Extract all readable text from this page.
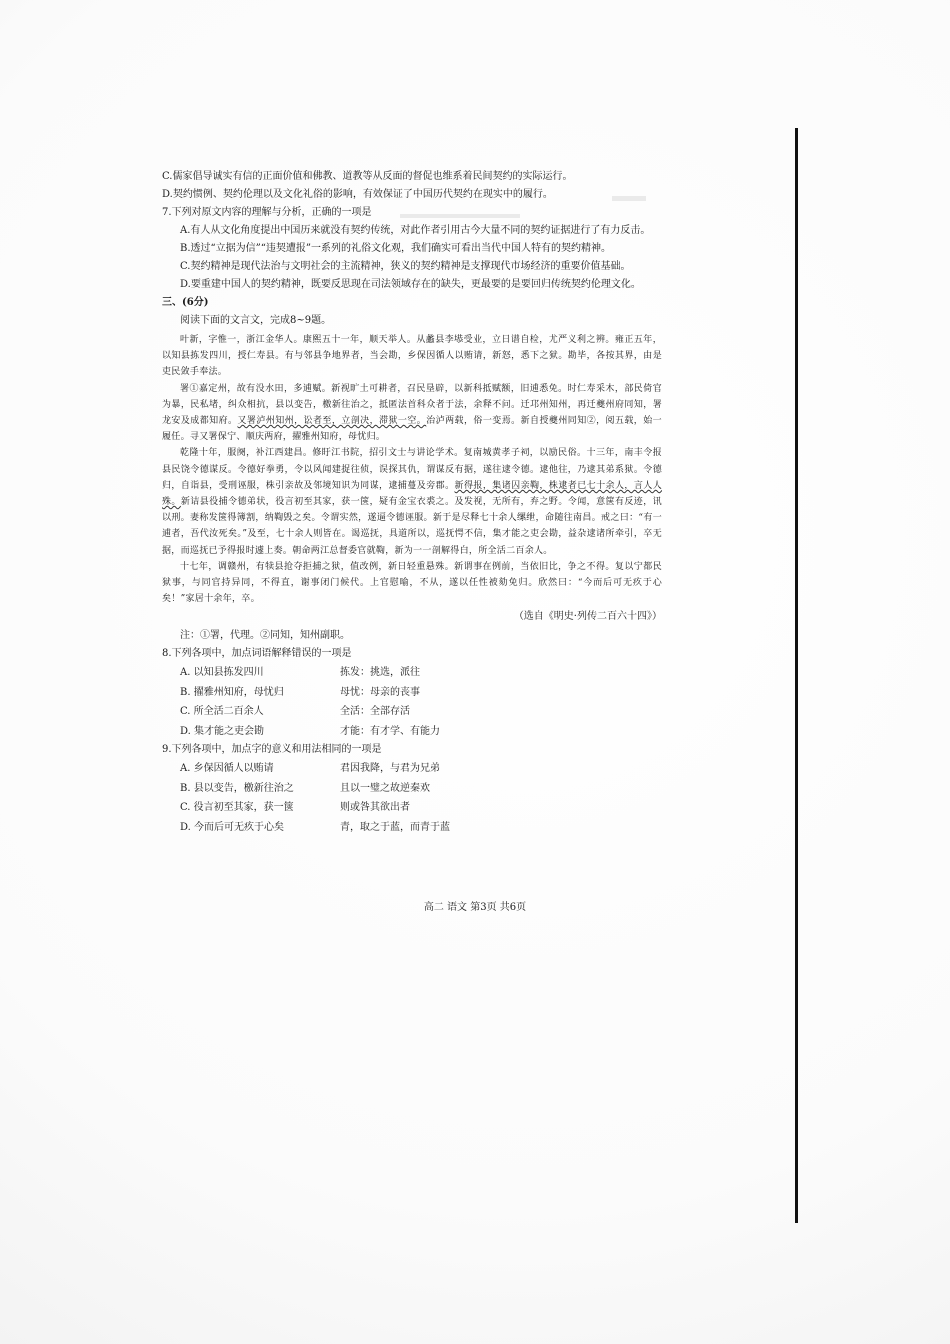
C.儒家倡导诚实有信的正面价值和佛教、道教等从反面的督促也维系着民间契约的实际运行。
D.契约惯例、契约伦理以及文化礼俗的影响，有效保证了中国历代契约在现实中的履行。
7.下列对原文内容的理解与分析，正确的一项是
A.有人从文化角度提出中国历来就没有契约传统，对此作者引用古今大量不同的契约证据进行了有力反击。
B.透过“立据为信”“违契遭报”一系列的礼俗文化观，我们确实可看出当代中国人特有的契约精神。
C.契约精神是现代法治与文明社会的主流精神，狭义的契约精神是支撑现代市场经济的重要价值基础。
D.要重建中国人的契约精神，既要反思现在司法领域存在的缺失，更最要的是要回归传统契约伦理文化。
三、(6分)
阅读下面的文言文，完成8~9题。

叶新，字惟一，浙江金华人。康熙五十一年，顺天举人。从蠡县李塨受业，立日谱自检，尤严义利之辨。雍正五年，以知县拣发四川，授仁寿县。有与邻县争地界者，当会勘，乡保因循人以贿请，新怒，悉下之狱。勘毕，各按其界，由是吏民敛手奉法。

署①嘉定州，故有没水田，多逋赋。新视旷土可耕者，召民垦辟，以新科抵赋额，旧逋悉免。时仁寿采木，部民倚官为暴，民私堵，纠众相抗，县以变告，檄新往治之，抵匿法首科众者于法，余释不问。迁邛州知州，再迁夔州府同知，署龙安及成都知府。又署泸州知州，讼者至，立剖决，滞狱一空。治泸两载，俗一变焉。新自授夔州同知②，阅五载，始一履任。寻又署保宁、顺庆两府，擢雅州知府，母忧归。

乾隆十年，服阕，补江西建昌。修盱江书院，招引文士与讲论学术。复南城黄孝子祠，以励民俗。十三年，南丰令报县民饶令德谋反。令德好拳勇，令以风闻建捉往侦，误探其仇，谓谋反有据，遂往逮令德。逮他往，乃逮其弟系狱。令德归，自诣县，受刑诬服，株引亲故及邻境知识为同谋，逮捕蔓及旁郡。新得报，集诸囚亲鞫，株逮者已七十余人，言人人殊。新诘县役捕令德弟状，役言初至其家，获一箧，疑有金宝衣裘之。及发视，无所有，弃之野。令闻，意箧有反迹，讯以刑。妻称发箧得簿割，纳鞫毁之矣。令谓实然，遂逼令德诬服。新于是尽释七十余人缧绁，命随往南昌。戒之曰：“有一逋者，吾代汝死矣。”及至，七十余人则皆在。谒巡抚，具道所以，巡抚愕不信，集才能之吏会勘，益杂逮诸所牵引，卒无据，而巡抚已予得报时遽上奏。朝命两江总督委官就鞫，新为一一剖解得白，所全活二百余人。

十七年，调赣州，有犊县抢夺拒捕之狱，值改例，新日轻重悬殊。新谓事在例前，当依旧比，争之不得。复以宁都民狱事，与同官持异同，不得直，谢事闭门候代。上官慰喻，不从，遂以任性被劾免归。欣然曰：“今而后可无疚于心矣！”家居十余年，卒。

（选自《明史·列传二百六十四》）
注：①署，代理。②同知，知州副职。
8.下列各项中，加点词语解释错误的一项是
A. 以知县拣发四川	拣发：挑选，派往
B. 擢雅州知府，母忧归	母忧：母亲的丧事
C. 所全活二百余人	全活：全部存活
D. 集才能之吏会勘	才能：有才学、有能力
9.下列各项中，加点字的意义和用法相同的一项是
A. 乡保因循人以贿请	君因我降，与君为兄弟
B. 县以变告，檄新往治之	且以一璧之故逆秦欢
C. 役言初至其家，获一箧	则或咎其欲出者
D. 今而后可无疚于心矣	青，取之于蓝，而青于蓝
高二 语文 第3页 共6页
